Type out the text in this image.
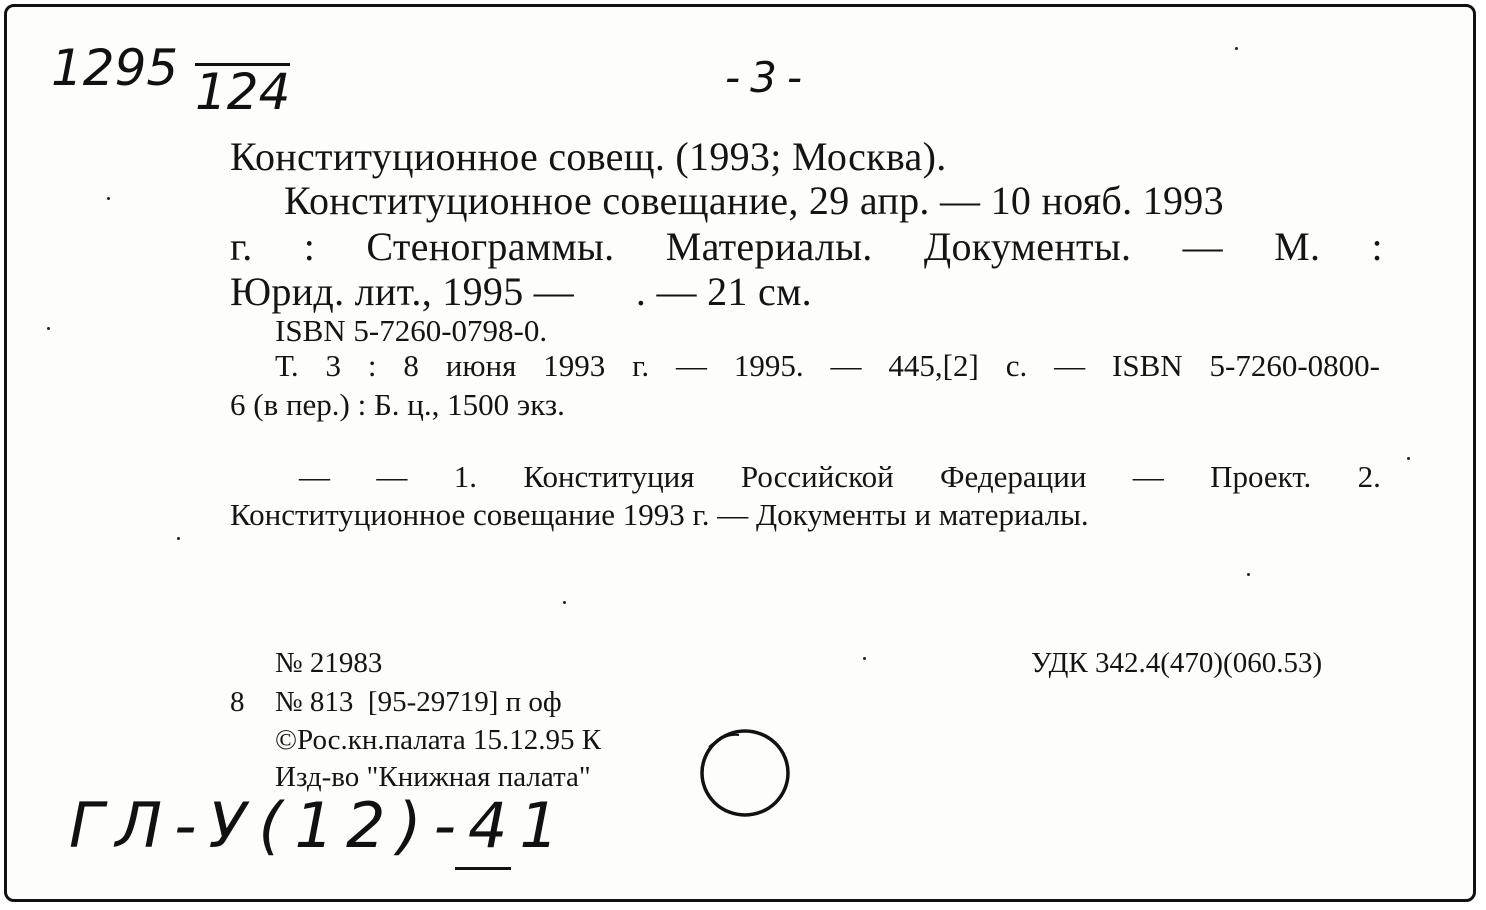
1295 124	-3-
Конституционное совещ. (1993; Москва).
Конституционное совещание, 29 апр. — 10 нояб. 1993
г. : Стенограммы. Материалы. Документы. — М. :
Юрид. лит., 1995 —      . — 21 см.
ISBN 5-7260-0798-0.
Т. 3 : 8 июня 1993 г. — 1995. — 445,[2] с. — ISBN 5-7260-0800-
6 (в пер.) : Б. ц., 1500 экз.
— — 1. Конституция Российской Федерации — Проект. 2.
Конституционное совещание 1993 г. — Документы и материалы.
№ 21983	УДК 342.4(470)(060.53)
8 № 813  [95-29719] п оф
©Рос.кн.палата 15.12.95 К
Изд-во "Книжная палата"
ГЛ-У(12)-41
